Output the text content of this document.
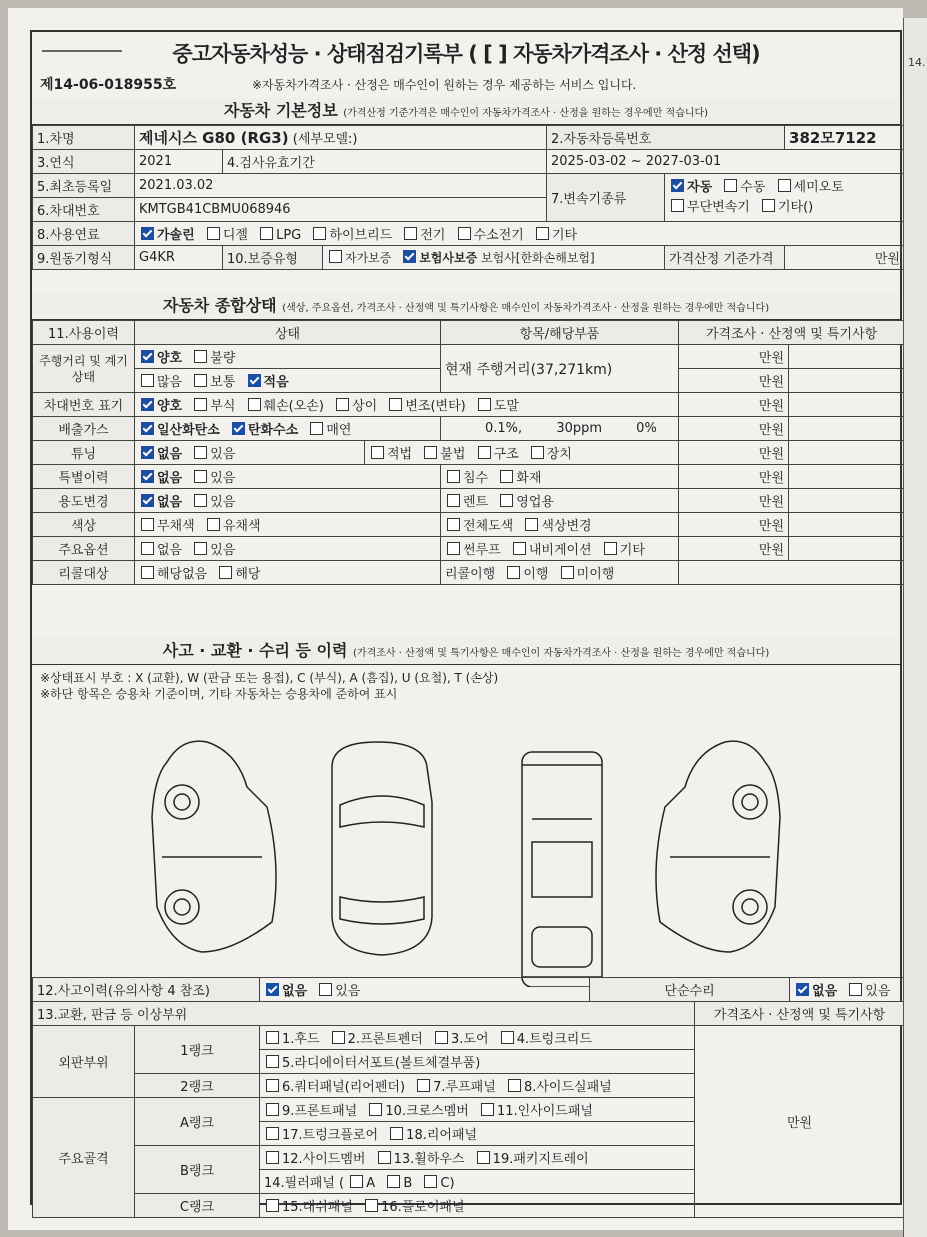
중고자동차성능 · 상태점검기록부 ( [ ] 자동차가격조사 · 산정 선택)
제14-06-018955호	※자동차가격조사 · 산정은 매수인이 원하는 경우 제공하는 서비스 입니다.
자동차 기본정보 (가격산정 기준가격은 매수인이 자동차가격조사 · 산정을 원하는 경우에만 적습니다)
1.차명	제네시스 G80 (RG3) (세부모델:)			2.자동차등록번호		382모7122
3.연식	2021	4.검사유효기간		2025-03-02 ~ 2027-03-01		
5.최초등록일	2021.03.02			7.변속기종류	자동 수동 세미오토
무단변속기 기타()	
6.차대번호	KMTGB41CBMU068946					
8.사용연료	가솔린 디젤 LPG 하이브리드 전기 수소전기 기타					
9.원동기형식	G4KR	10.보증유형	자가보증 보험사보증 보험사[한화손해보험]		가격산정 기준가격	만원
자동차 종합상태 (색상, 주요옵션, 가격조사 · 산정액 및 특기사항은 매수인이 자동차가격조사 · 산정을 원하는 경우에만 적습니다)
11.사용이력	상태		항목/해당부품	가격조사 · 산정액 및 특기사항	
주행거리 및 계기상태	양호 불량		현재 주행거리(37,271km)	만원	
	많음 보통 적음			만원	
차대번호 표기	양호 부식 훼손(오손) 상이 변조(변타) 도말			만원	
배출가스	일산화탄소 탄화수소 매연		0.1%, 30ppm 0%	만원	
튜닝	없음 있음	적법 불법 구조 장치		만원	
특별이력	없음 있음		침수 화재	만원	
용도변경	없음 있음		렌트 영업용	만원	
색상	무채색 유채색		전체도색 색상변경	만원	
주요옵션	없음 있음		썬루프 내비게이션 기타	만원	
리콜대상	해당없음 해당		리콜이행 이행 미이행		
사고 · 교환 · 수리 등 이력 (가격조사 · 산정액 및 특기사항은 매수인이 자동차가격조사 · 산정을 원하는 경우에만 적습니다)
※상태표시 부호 : X (교환), W (판금 또는 용접), C (부식), A (흠집), U (요철), T (손상)
※하단 항목은 승용차 기준이며, 기타 자동차는 승용차에 준하여 표시
12.사고이력(유의사항 4 참조)		없음 있음	단순수리		없음 있음
13.교환, 판금 등 이상부위				가격조사 · 산정액 및 특기사항	
외판부위	1랭크	1.후드 2.프론트펜더 3.도어 4.트렁크리드		만원	
		5.라디에이터서포트(볼트체결부품)			
	2랭크	6.쿼터패널(리어펜더) 7.루프패널 8.사이드실패널			
주요골격	A랭크	9.프론트패널 10.크로스멤버 11.인사이드패널			
		17.트렁크플로어 18.리어패널			
	B랭크	12.사이드멤버 13.휠하우스 19.패키지트레이			
		14.필러패널 ( A B C)			
	C랭크	15.대쉬패널 16.플로어패널			
14.
